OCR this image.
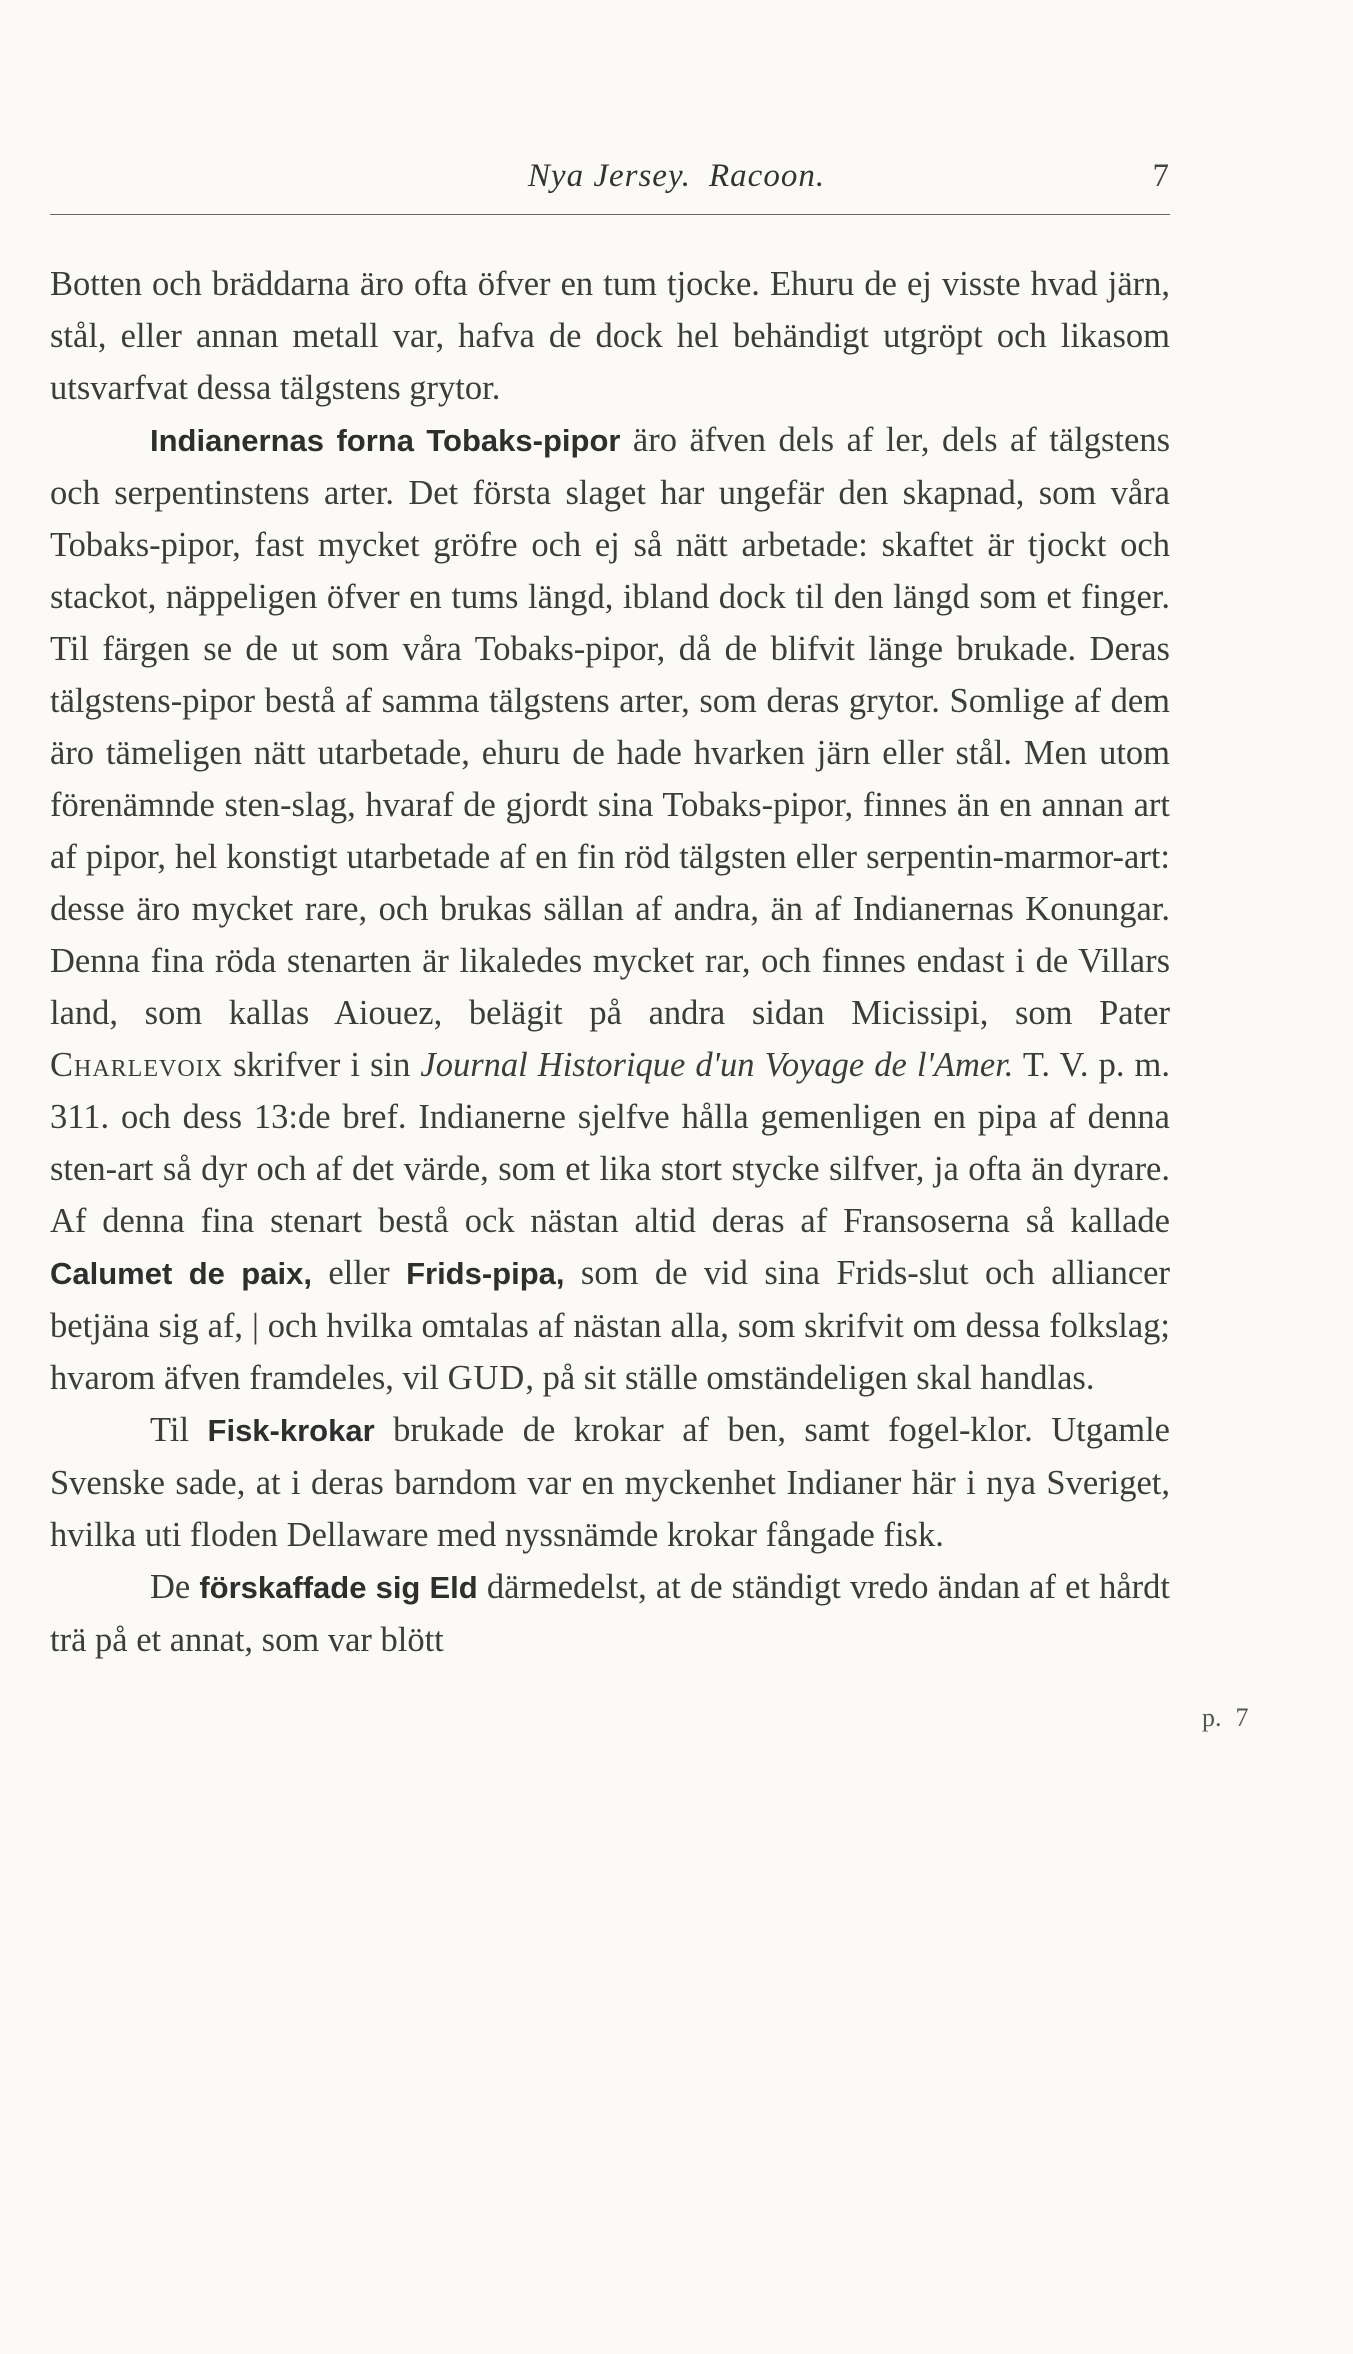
Nya Jersey. Racoon.	7

Botten och bräddarna äro ofta öfver en tum tjocke. Ehuru de ej visste hvad järn, stål, eller annan metall var, hafva de dock hel behändigt utgröpt och likasom utsvarfvat dessa tälgstens grytor.

Indianernas forna Tobaks-pipor äro äfven dels af ler, dels af tälgstens och serpentinstens arter. Det första slaget har ungefär den skapnad, som våra Tobaks-pipor, fast mycket gröfre och ej så nätt arbetade: skaftet är tjockt och stackot, näppeligen öfver en tums längd, ibland dock til den längd som et finger. Til färgen se de ut som våra Tobaks-pipor, då de blifvit länge brukade. Deras tälgstens-pipor bestå af samma tälgstens arter, som deras grytor. Somlige af dem äro tämeligen nätt utarbetade, ehuru de hade hvarken järn eller stål. Men utom förenämnde sten-slag, hvaraf de gjordt sina Tobaks-pipor, finnes än en annan art af pipor, hel konstigt utarbetade af en fin röd tälgsten eller serpentin-marmor-art: desse äro mycket rare, och brukas sällan af andra, än af Indianernas Konungar. Denna fina röda stenarten är likaledes mycket rar, och finnes endast i de Villars land, som kallas Aiouez, belägit på andra sidan Micissipi, som Pater Charlevoix skrifver i sin Journal Historique d'un Voyage de l'Amer. T. V. p. m. 311. och dess 13:de bref. Indianerne sjelfve hålla gemenligen en pipa af denna sten-art så dyr och af det värde, som et lika stort stycke silfver, ja ofta än dyrare. Af denna fina stenart bestå ock nästan altid deras af Fransoserna så kallade Calumet de paix, eller Frids-pipa, som de vid sina Frids-slut och alliancer betjäna sig af, | och hvilka omtalas af nästan alla, som skrifvit om dessa folkslag; hvarom äfven framdeles, vil GUD, på sit ställe omständeligen skal handlas.

Til Fisk-krokar brukade de krokar af ben, samt fogel-klor. Utgamle Svenske sade, at i deras barndom var en myckenhet Indianer här i nya Sveriget, hvilka uti floden Dellaware med nyssnämde krokar fångade fisk.

De förskaffade sig Eld därmedelst, at de ständigt vredo ändan af et hårdt trä på et annat, som var blött

p. 7
